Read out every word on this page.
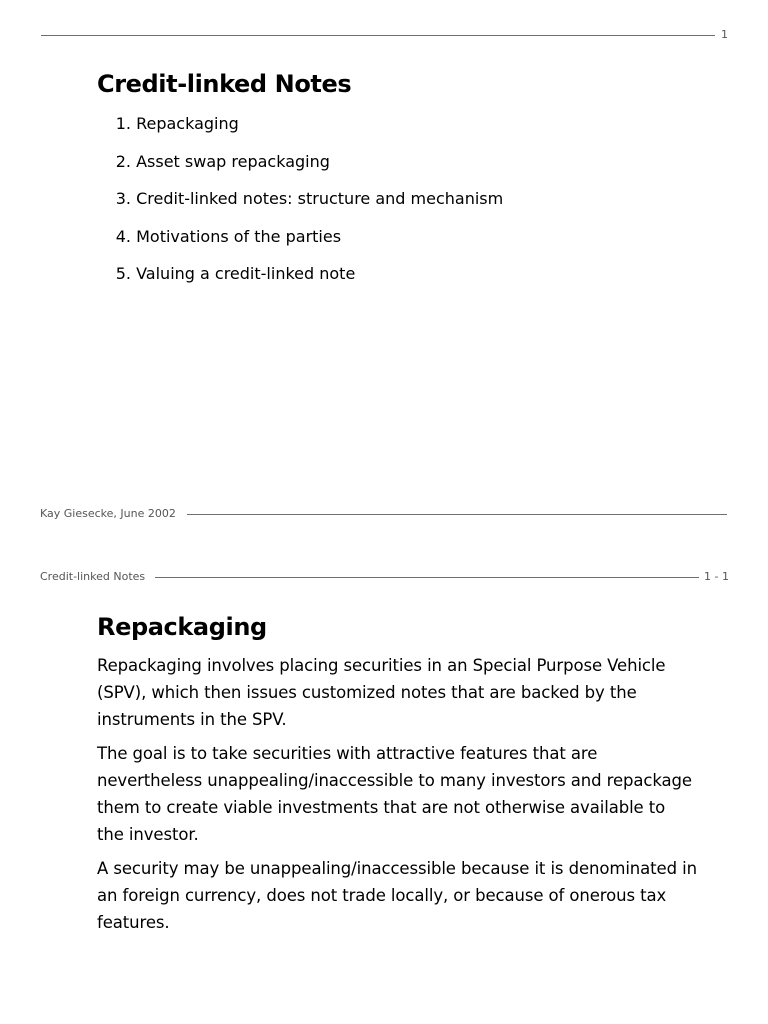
1
Credit-linked Notes
1. Repackaging
2. Asset swap repackaging
3. Credit-linked notes: structure and mechanism
4. Motivations of the parties
5. Valuing a credit-linked note
Kay Giesecke, June 2002
Credit-linked Notes	1 - 1
Repackaging

Repackaging involves placing securities in an Special Purpose Vehicle (SPV), which then issues customized notes that are backed by the instruments in the SPV.

The goal is to take securities with attractive features that are nevertheless unappealing/inaccessible to many investors and repackage them to create viable investments that are not otherwise available to the investor.

A security may be unappealing/inaccessible because it is denominated in an foreign currency, does not trade locally, or because of onerous tax features.
